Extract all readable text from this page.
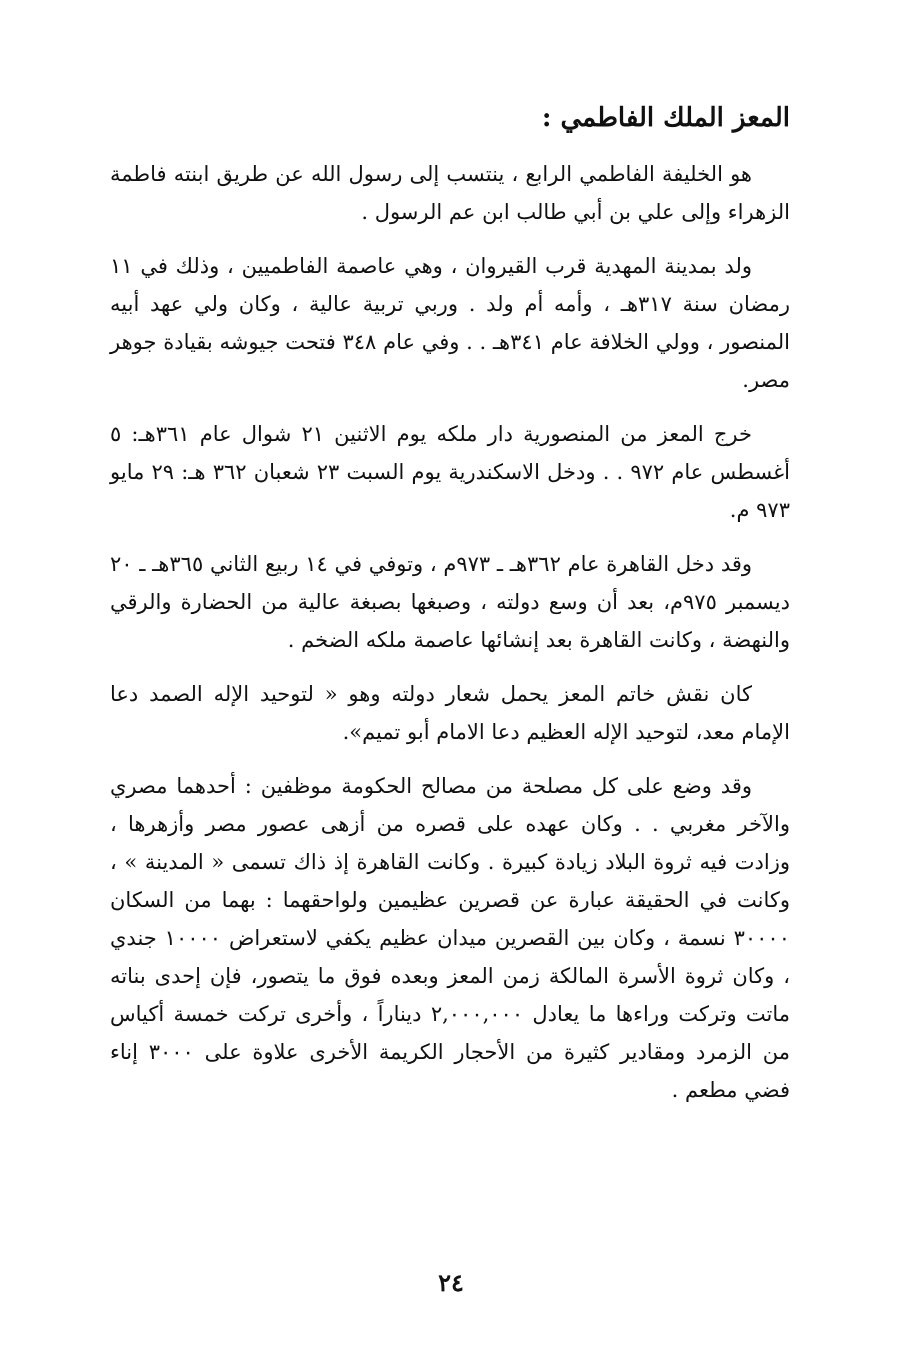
المعز الملك الفاطمي :

هو الخليفة الفاطمي الرابع ، ينتسب إلى رسول الله عن طريق ابنته فاطمة الزهراء وإلى علي بن أبي طالب ابن عم الرسول .

ولد بمدينة المهدية قرب القيروان ، وهي عاصمة الفاطميين ، وذلك في ١١ رمضان سنة ٣١٧هـ ، وأمه أم ولد . وربي تربية عالية ، وكان ولي عهد أبيه المنصور ، وولي الخلافة عام ٣٤١هـ . . وفي عام ٣٤٨ فتحت جيوشه بقيادة جوهر مصر.

خرج المعز من المنصورية دار ملكه يوم الاثنين ٢١ شوال عام ٣٦١هـ: ٥ أغسطس عام ٩٧٢ . . ودخل الاسكندرية يوم السبت ٢٣ شعبان ٣٦٢ هـ: ٢٩ مايو ٩٧٣ م.

وقد دخل القاهرة عام ٣٦٢هـ ـ ٩٧٣م ، وتوفي في ١٤ ربيع الثاني ٣٦٥هـ ـ ٢٠ ديسمبر ٩٧٥م، بعد أن وسع دولته ، وصبغها بصبغة عالية من الحضارة والرقي والنهضة ، وكانت القاهرة بعد إنشائها عاصمة ملكه الضخم .

كان نقش خاتم المعز يحمل شعار دولته وهو « لتوحيد الإله الصمد دعا الإمام معد، لتوحيد الإله العظيم دعا الامام أبو تميم».

وقد وضع على كل مصلحة من مصالح الحكومة موظفين : أحدهما مصري والآخر مغربي . . وكان عهده على قصره من أزهى عصور مصر وأزهرها ، وزادت فيه ثروة البلاد زيادة كبيرة . وكانت القاهرة إذ ذاك تسمى « المدينة » ، وكانت في الحقيقة عبارة عن قصرين عظيمين ولواحقهما : بهما من السكان ٣٠٠٠٠ نسمة ، وكان بين القصرين ميدان عظيم يكفي لاستعراض ١٠٠٠٠ جندي ، وكان ثروة الأسرة المالكة زمن المعز وبعده فوق ما يتصور، فإن إحدى بناته ماتت وتركت وراءها ما يعادل ٢,٠٠٠,٠٠٠ ديناراً ، وأخرى تركت خمسة أكياس من الزمرد ومقادير كثيرة من الأحجار الكريمة الأخرى علاوة على ٣٠٠٠ إناء فضي مطعم .

٢٤
